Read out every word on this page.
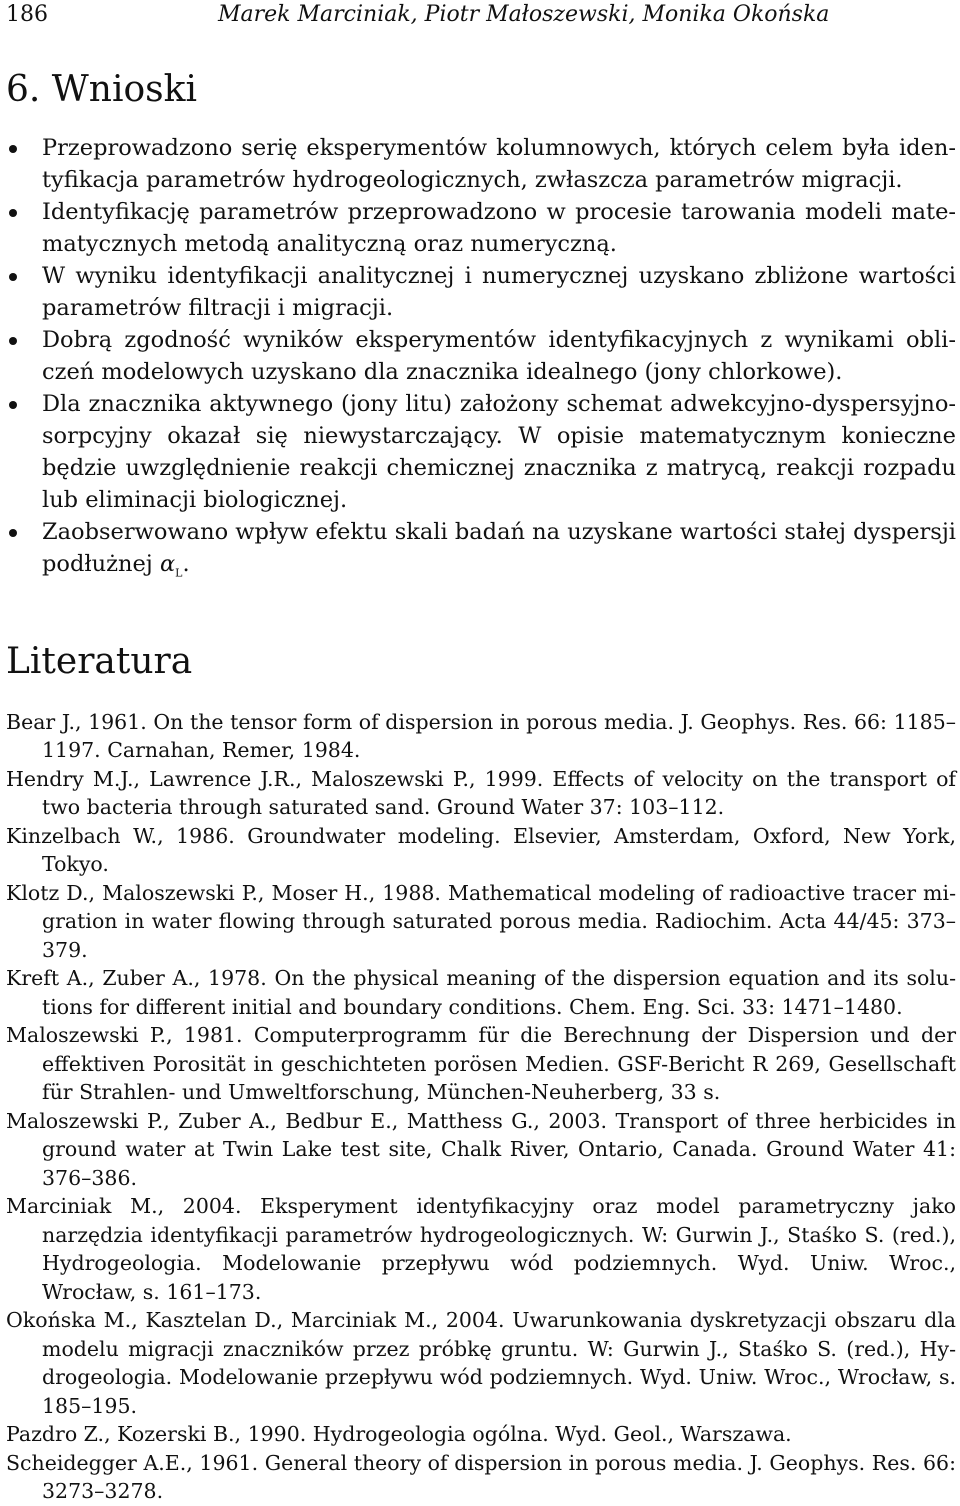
186	Marek Marciniak, Piotr Małoszewski, Monika Okońska
6. Wnioski
Przeprowadzono serię eksperymentów kolumnowych, których celem była identyfikacja parametrów hydrogeologicznych, zwłaszcza parametrów migracji.
Identyfikację parametrów przeprowadzono w procesie tarowania modeli matematycznych metodą analityczną oraz numeryczną.
W wyniku identyfikacji analitycznej i numerycznej uzyskano zbliżone wartości parametrów filtracji i migracji.
Dobrą zgodność wyników eksperymentów identyfikacyjnych z wynikami obliczeń modelowych uzyskano dla znacznika idealnego (jony chlorkowe).
Dla znacznika aktywnego (jony litu) założony schemat adwekcyjno-dyspersyjno-sorpcyjny okazał się niewystarczający. W opisie matematycznym konieczne będzie uwzględnienie reakcji chemicznej znacznika z matrycą, reakcji rozpadu lub eliminacji biologicznej.
Zaobserwowano wpływ efektu skali badań na uzyskane wartości stałej dyspersji podłużnej $\alpha_L$.
Literatura

Bear J., 1961. On the tensor form of dispersion in porous media. J. Geophys. Res. 66: 1185–1197. Carnahan, Remer, 1984.

Hendry M.J., Lawrence J.R., Maloszewski P., 1999. Effects of velocity on the transport of two bacteria through saturated sand. Ground Water 37: 103–112.

Kinzelbach W., 1986. Groundwater modeling. Elsevier, Amsterdam, Oxford, New York, Tokyo.

Klotz D., Maloszewski P., Moser H., 1988. Mathematical modeling of radioactive tracer migration in water flowing through saturated porous media. Radiochim. Acta 44/45: 373–379.

Kreft A., Zuber A., 1978. On the physical meaning of the dispersion equation and its solutions for different initial and boundary conditions. Chem. Eng. Sci. 33: 1471–1480.

Maloszewski P., 1981. Computerprogramm für die Berechnung der Dispersion und der effektiven Porosität in geschichteten porösen Medien. GSF-Bericht R 269, Gesellschaft für Strahlen- und Umweltforschung, München-Neuherberg, 33 s.

Maloszewski P., Zuber A., Bedbur E., Matthess G., 2003. Transport of three herbicides in ground water at Twin Lake test site, Chalk River, Ontario, Canada. Ground Water 41: 376–386.

Marciniak M., 2004. Eksperyment identyfikacyjny oraz model parametryczny jako narzędzia identyfikacji parametrów hydrogeologicznych. W: Gurwin J., Staśko S. (red.), Hydrogeologia. Modelowanie przepływu wód podziemnych. Wyd. Uniw. Wroc., Wrocław, s. 161–173.

Okońska M., Kasztelan D., Marciniak M., 2004. Uwarunkowania dyskretyzacji obszaru dla modelu migracji znaczników przez próbkę gruntu. W: Gurwin J., Staśko S. (red.), Hydrogeologia. Modelowanie przepływu wód podziemnych. Wyd. Uniw. Wroc., Wrocław, s. 185–195.

Pazdro Z., Kozerski B., 1990. Hydrogeologia ogólna. Wyd. Geol., Warszawa.

Scheidegger A.E., 1961. General theory of dispersion in porous media. J. Geophys. Res. 66: 3273–3278.
